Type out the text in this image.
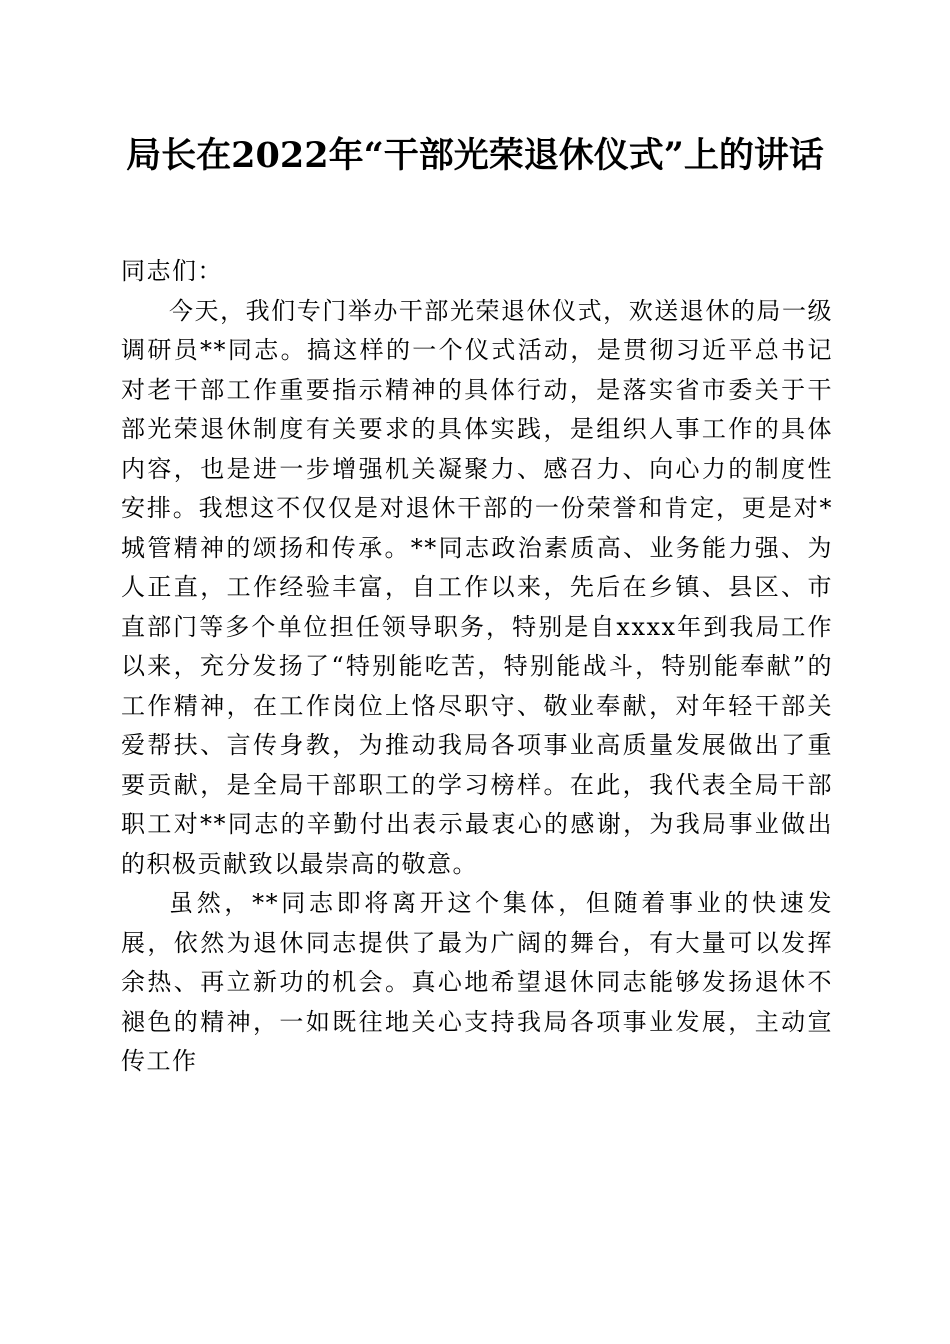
局长在2022年“干部光荣退休仪式”上的讲话

同志们：

今天，我们专门举办干部光荣退休仪式，欢送退休的局一级调研员**同志。搞这样的一个仪式活动，是贯彻习近平总书记对老干部工作重要指示精神的具体行动，是落实省市委关于干部光荣退休制度有关要求的具体实践，是组织人事工作的具体内容，也是进一步增强机关凝聚力、感召力、向心力的制度性安排。我想这不仅仅是对退休干部的一份荣誉和肯定，更是对*城管精神的颂扬和传承。**同志政治素质高、业务能力强、为人正直，工作经验丰富，自工作以来，先后在乡镇、县区、市直部门等多个单位担任领导职务，特别是自xxxx年到我局工作以来，充分发扬了“特别能吃苦，特别能战斗，特别能奉献”的工作精神，在工作岗位上恪尽职守、敬业奉献，对年轻干部关爱帮扶、言传身教，为推动我局各项事业高质量发展做出了重要贡献，是全局干部职工的学习榜样。在此，我代表全局干部职工对**同志的辛勤付出表示最衷心的感谢，为我局事业做出的积极贡献致以最崇高的敬意。

虽然，**同志即将离开这个集体，但随着事业的快速发展，依然为退休同志提供了最为广阔的舞台，有大量可以发挥余热、再立新功的机会。真心地希望退休同志能够发扬退休不褪色的精神，一如既往地关心支持我局各项事业发展，主动宣传工作
